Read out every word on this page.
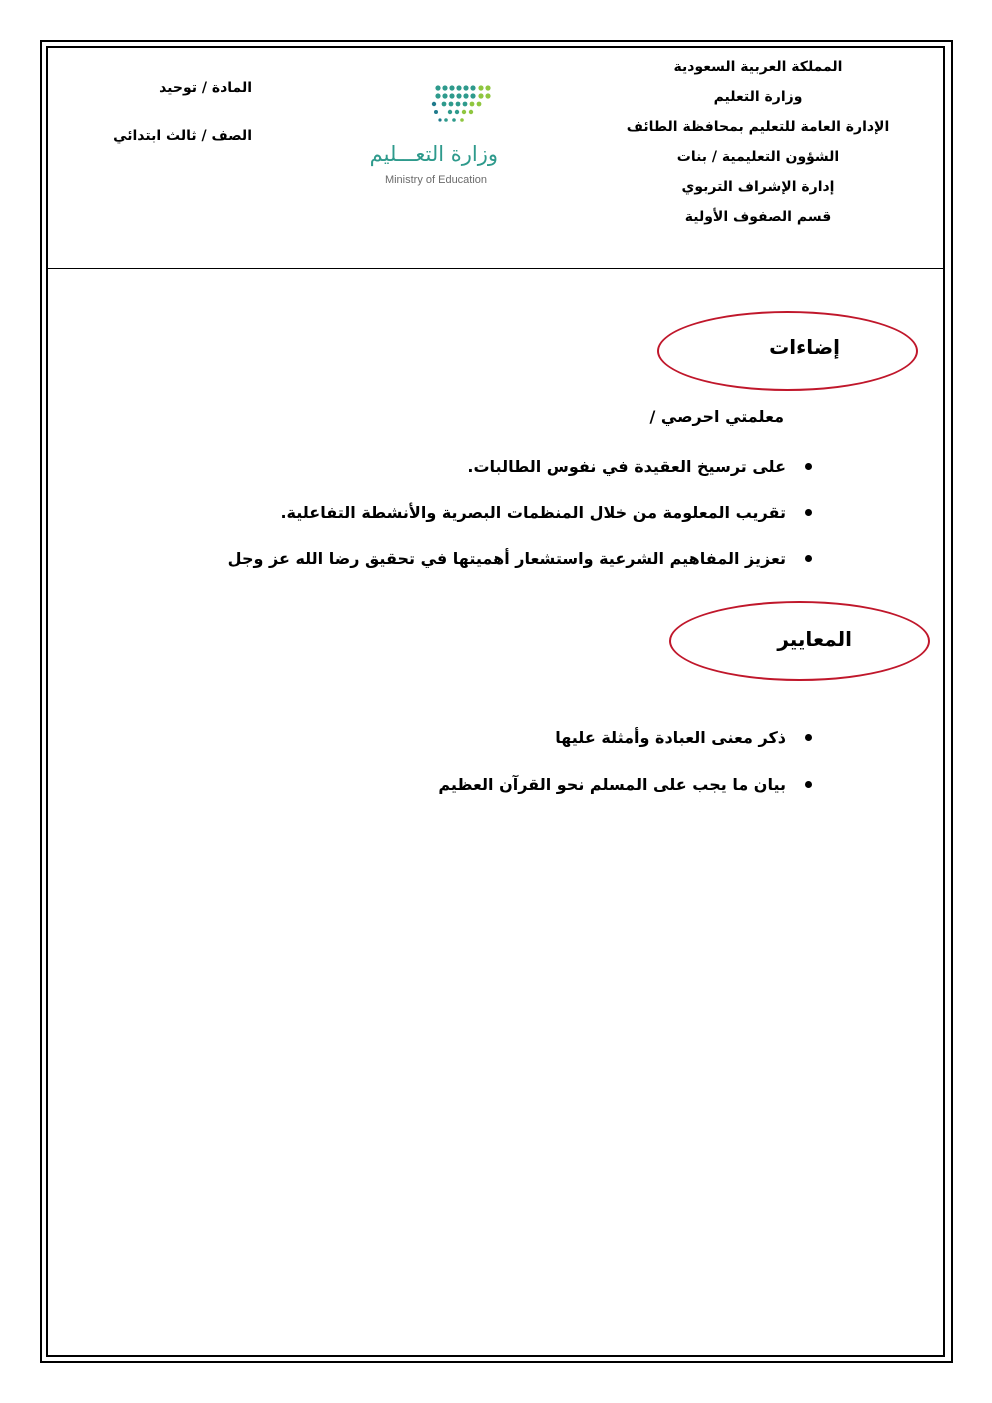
المملكة العربية السعودية
وزارة التعليم
الإدارة العامة للتعليم بمحافظة الطائف
الشؤون التعليمية / بنات
إدارة الإشراف التربوي
قسم الصفوف الأولية
المادة / توحيد
الصف / ثالث ابتدائي
وزارة التعـــليم
Ministry of Education
إضاءات
معلمتي احرصي /
على ترسيخ العقيدة في نفوس الطالبات.
تقريب المعلومة من خلال المنظمات البصرية والأنشطة التفاعلية.
تعزيز المفاهيم الشرعية واستشعار أهميتها في تحقيق رضا الله عز وجل
المعايير
ذكر معنى العبادة وأمثلة عليها
بيان ما يجب على المسلم نحو القرآن العظيم
